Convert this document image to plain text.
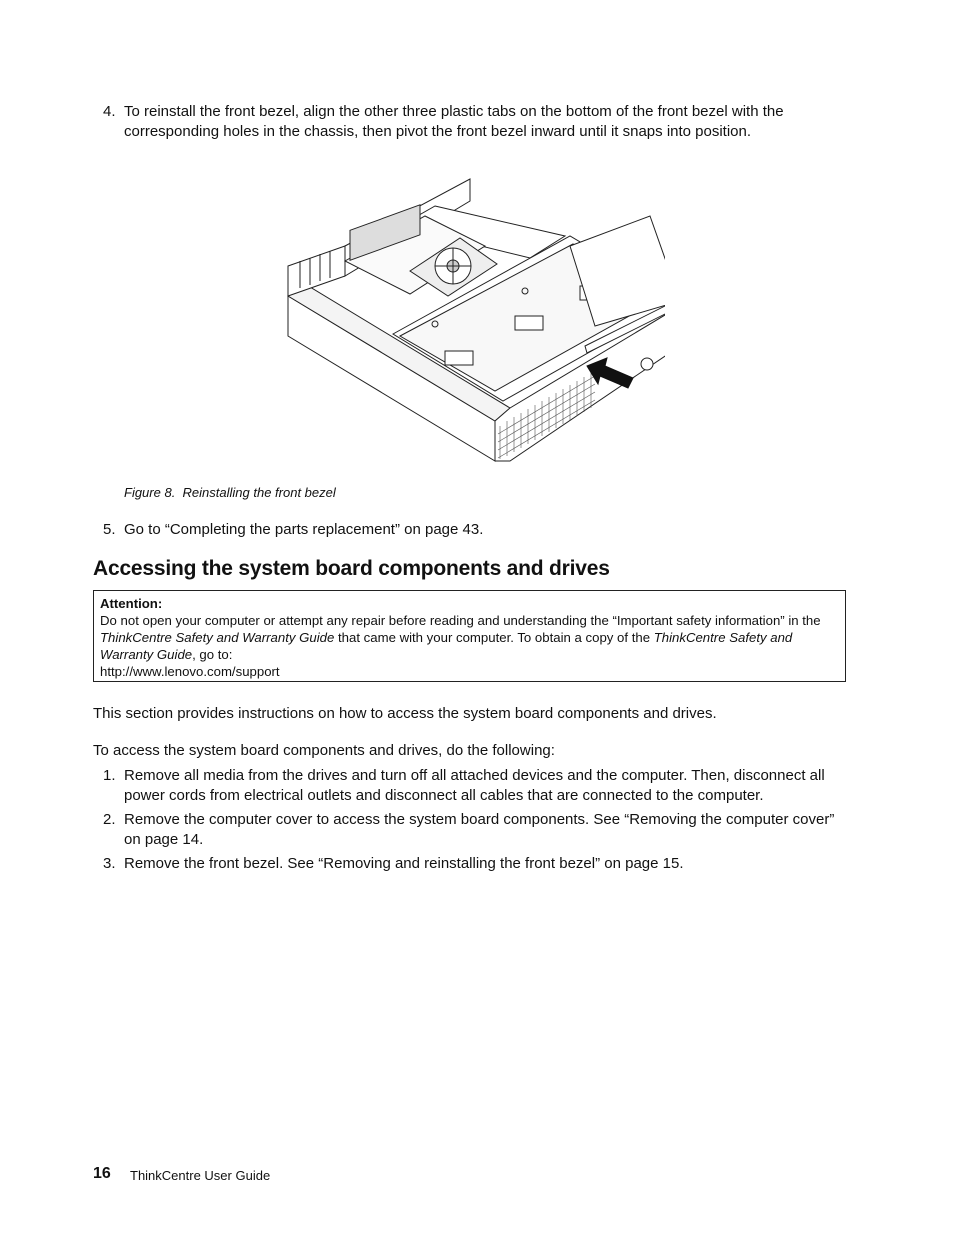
4. To reinstall the front bezel, align the other three plastic tabs on the bottom of the front bezel with the corresponding holes in the chassis, then pivot the front bezel inward until it snaps into position.
Figure 8. Reinstalling the front bezel
5. Go to “Completing the parts replacement” on page 43.
Accessing the system board components and drives
Attention:
Do not open your computer or attempt any repair before reading and understanding the “Important safety information” in the ThinkCentre Safety and Warranty Guide that came with your computer. To obtain a copy of the ThinkCentre Safety and Warranty Guide, go to:
http://www.lenovo.com/support
This section provides instructions on how to access the system board components and drives.
To access the system board components and drives, do the following:
1. Remove all media from the drives and turn off all attached devices and the computer. Then, disconnect all power cords from electrical outlets and disconnect all cables that are connected to the computer.
2. Remove the computer cover to access the system board components. See “Removing the computer cover” on page 14.
3. Remove the front bezel. See “Removing and reinstalling the front bezel” on page 15.
16 ThinkCentre User Guide
